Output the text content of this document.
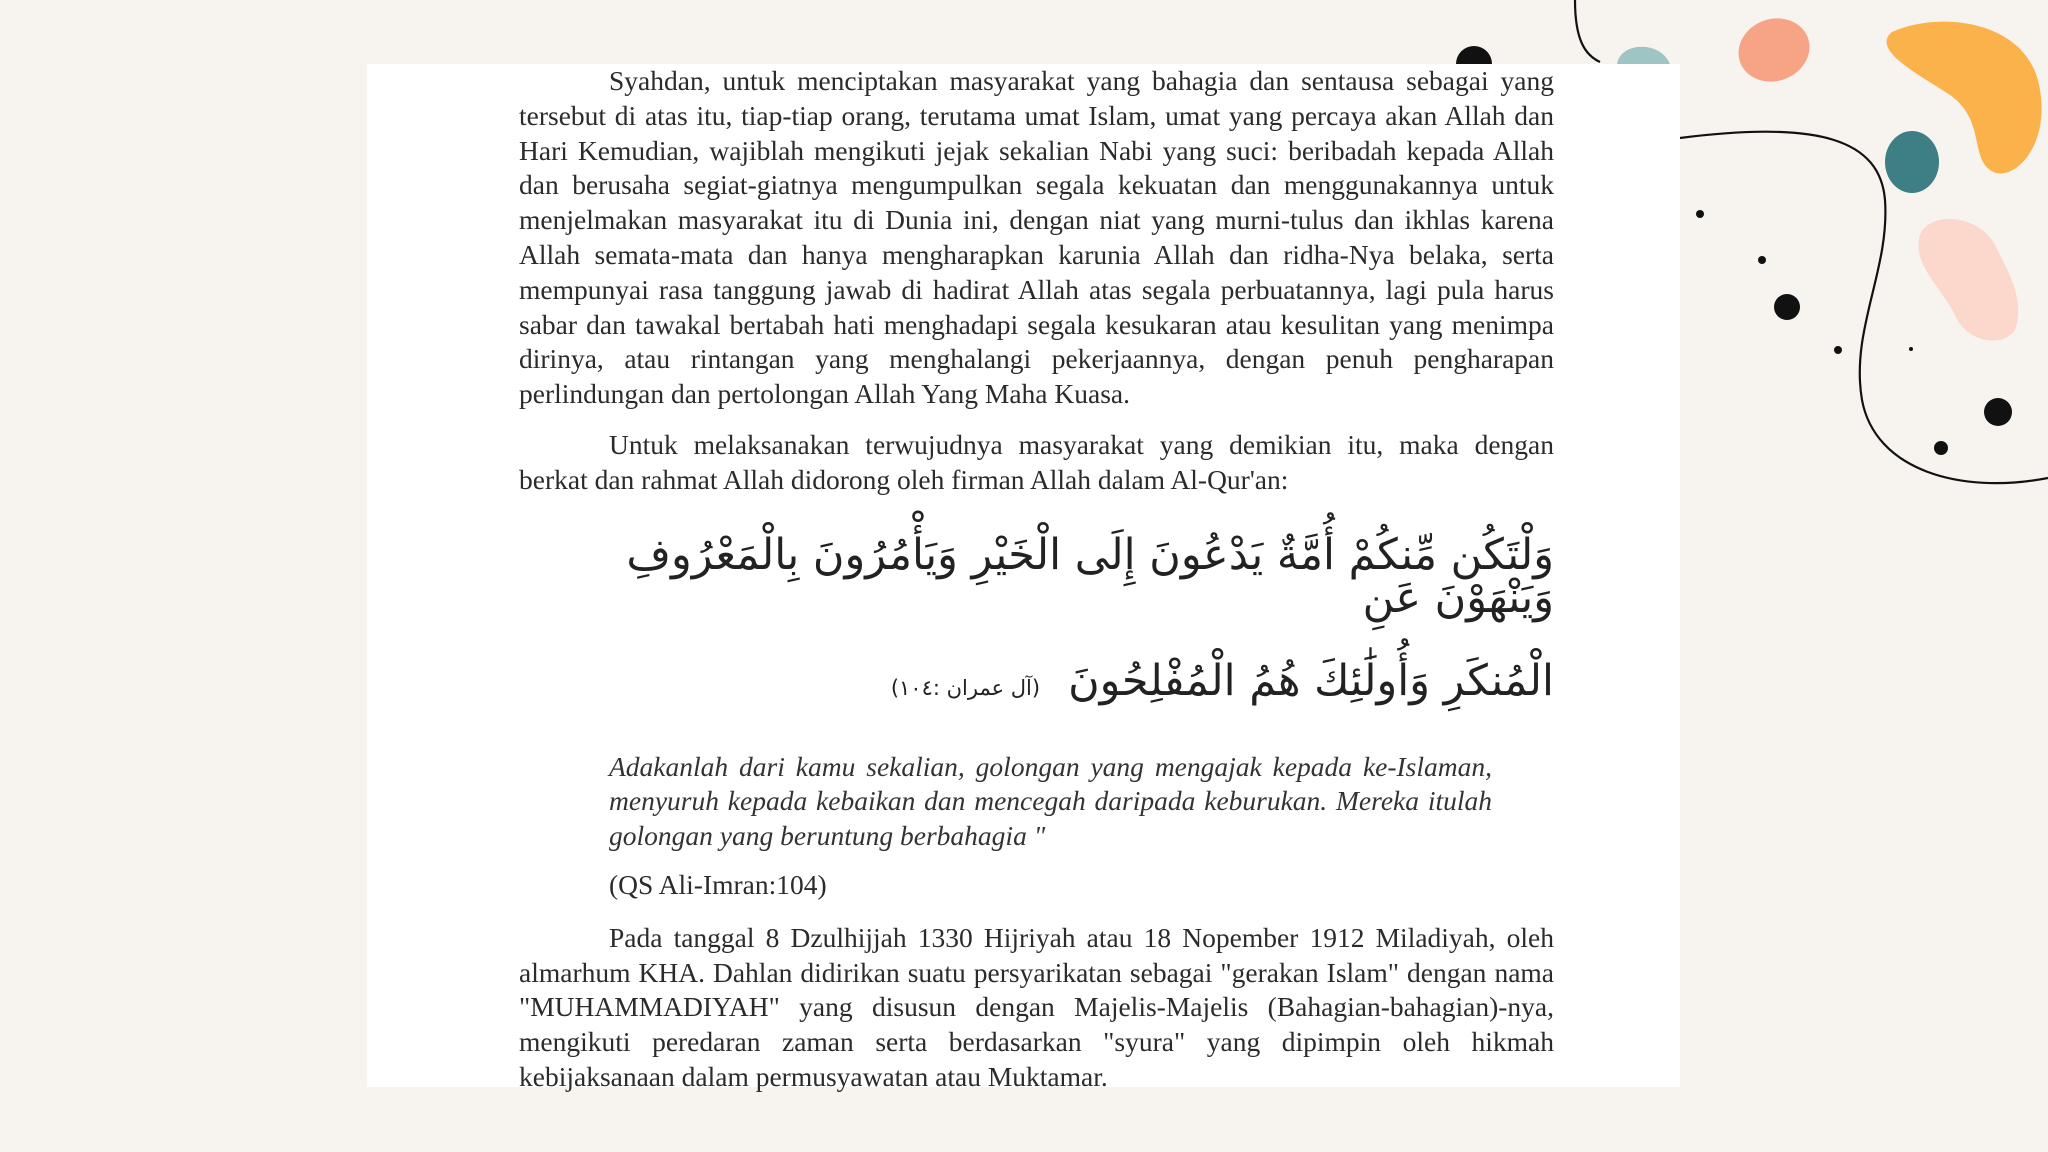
Syahdan, untuk menciptakan masyarakat yang bahagia dan sentausa sebagai yang tersebut di atas itu, tiap-tiap orang, terutama umat Islam, umat yang percaya akan Allah dan Hari Kemudian, wajiblah mengikuti jejak sekalian Nabi yang suci: beribadah kepada Allah dan berusaha segiat-giatnya mengumpulkan segala kekuatan dan menggunakannya untuk menjelmakan masyarakat itu di Dunia ini, dengan niat yang murni-tulus dan ikhlas karena Allah semata-mata dan hanya mengharapkan karunia Allah dan ridha-Nya belaka, serta mempunyai rasa tanggung jawab di hadirat Allah atas segala perbuatannya, lagi pula harus sabar dan tawakal bertabah hati menghadapi segala kesukaran atau kesulitan yang menimpa dirinya, atau rintangan yang menghalangi pekerjaannya, dengan penuh pengharapan perlindungan dan pertolongan Allah Yang Maha Kuasa.

Untuk melaksanakan terwujudnya masyarakat yang demikian itu, maka dengan berkat dan rahmat Allah didorong oleh firman Allah dalam Al-Qur'an:

وَلْتَكُن مِّنكُمْ أُمَّةٌ يَدْعُونَ إِلَى الْخَيْرِ وَيَأْمُرُونَ بِالْمَعْرُوفِ وَيَنْهَوْنَ عَنِ

الْمُنكَرِ وَأُولَٰئِكَ هُمُ الْمُفْلِحُونَ(آل عمران :١٠٤)

Adakanlah dari kamu sekalian, golongan yang mengajak kepada ke-Islaman, menyuruh kepada kebaikan dan mencegah daripada keburukan. Mereka itulah golongan yang beruntung berbahagia "

(QS Ali-Imran:104)

Pada tanggal 8 Dzulhijjah 1330 Hijriyah atau 18 Nopember 1912 Miladiyah, oleh almarhum KHA. Dahlan didirikan suatu persyarikatan sebagai "gerakan Islam" dengan nama "MUHAMMADIYAH" yang disusun dengan Majelis-Majelis (Bahagian-bahagian)-nya, mengikuti peredaran zaman serta berdasarkan "syura" yang dipimpin oleh hikmah kebijaksanaan dalam permusyawatan atau Muktamar.
